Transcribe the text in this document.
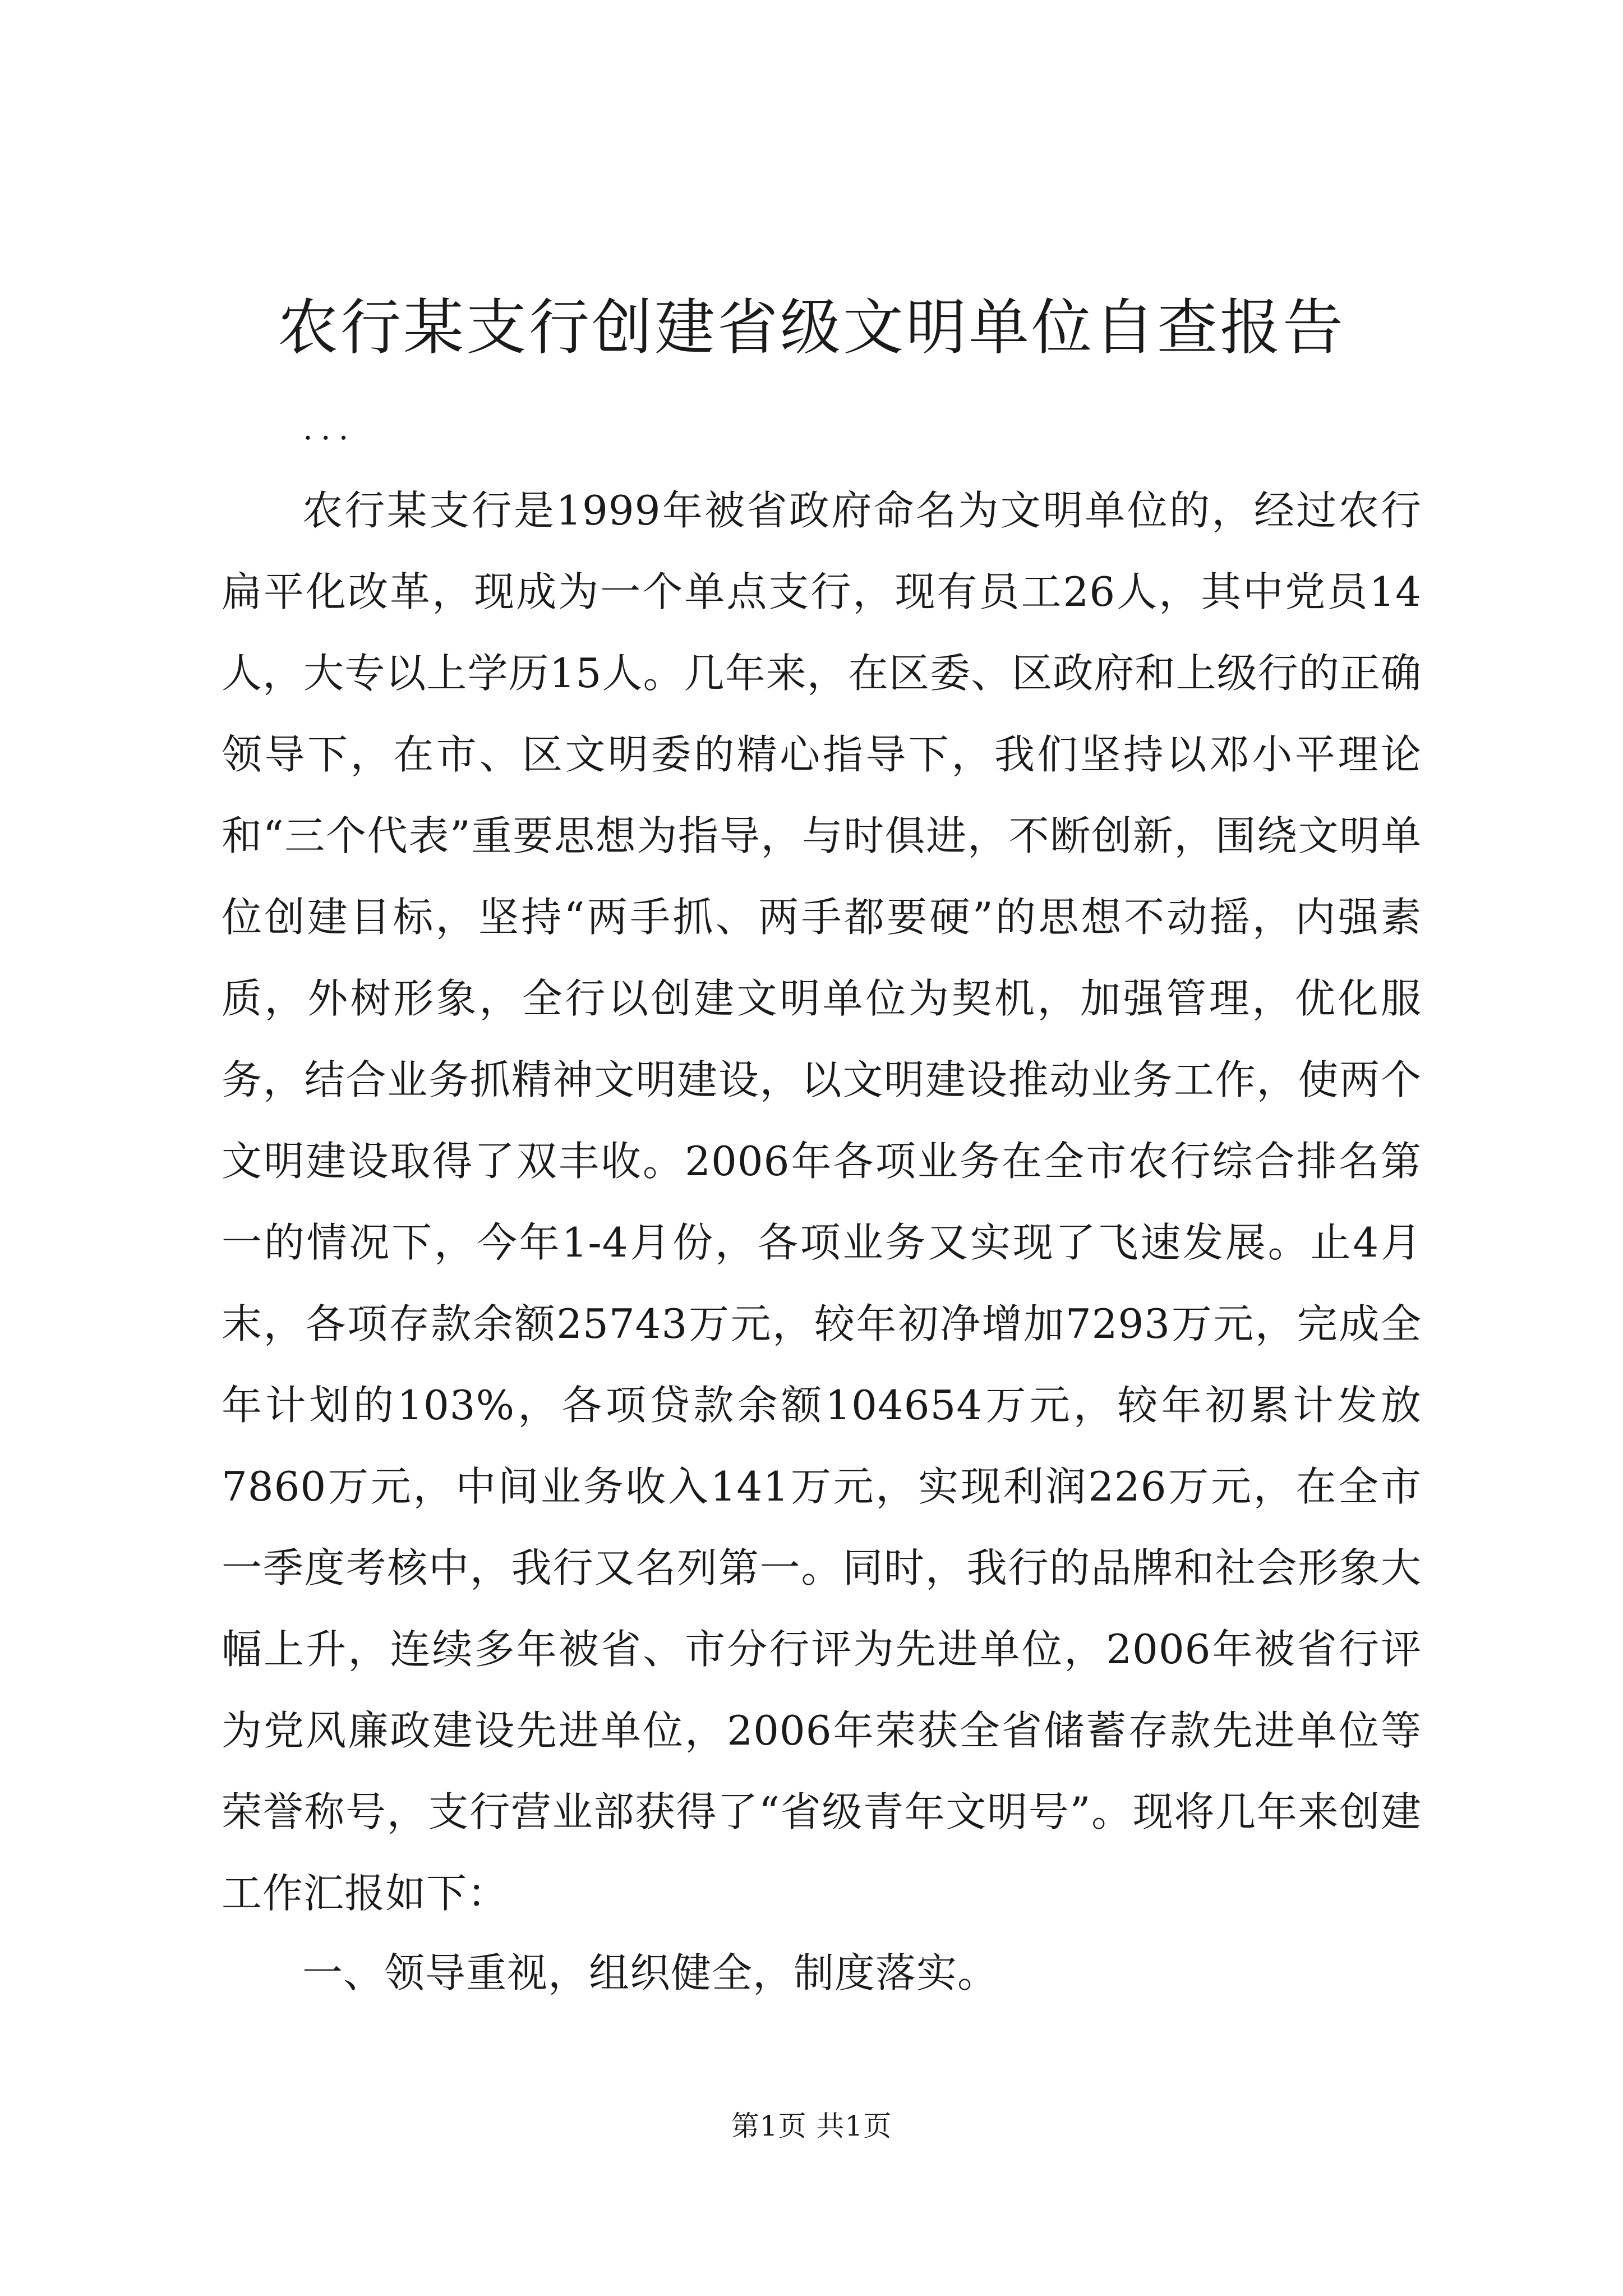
农行某支行创建省级文明单位自查报告
...

农行某支行是1999年被省政府命名为文明单位的，经过农行扁平化改革，现成为一个单点支行，现有员工26人，其中党员14人，大专以上学历15人。几年来，在区委、区政府和上级行的正确领导下，在市、区文明委的精心指导下，我们坚持以邓小平理论和“三个代表”重要思想为指导，与时俱进，不断创新，围绕文明单位创建目标，坚持“两手抓、两手都要硬”的思想不动摇，内强素质，外树形象，全行以创建文明单位为契机，加强管理，优化服务，结合业务抓精神文明建设，以文明建设推动业务工作，使两个文明建设取得了双丰收。2006年各项业务在全市农行综合排名第一的情况下，今年1-4月份，各项业务又实现了飞速发展。止4月末，各项存款余额25743万元，较年初净增加7293万元，完成全年计划的103%，各项贷款余额104654万元，较年初累计发放7860万元，中间业务收入141万元，实现利润226万元，在全市一季度考核中，我行又名列第一。同时，我行的品牌和社会形象大幅上升，连续多年被省、市分行评为先进单位，2006年被省行评为党风廉政建设先进单位，2006年荣获全省储蓄存款先进单位等荣誉称号，支行营业部获得了“省级青年文明号”。现将几年来创建工作汇报如下：

一、领导重视，组织健全，制度落实。

第1页 共1页
